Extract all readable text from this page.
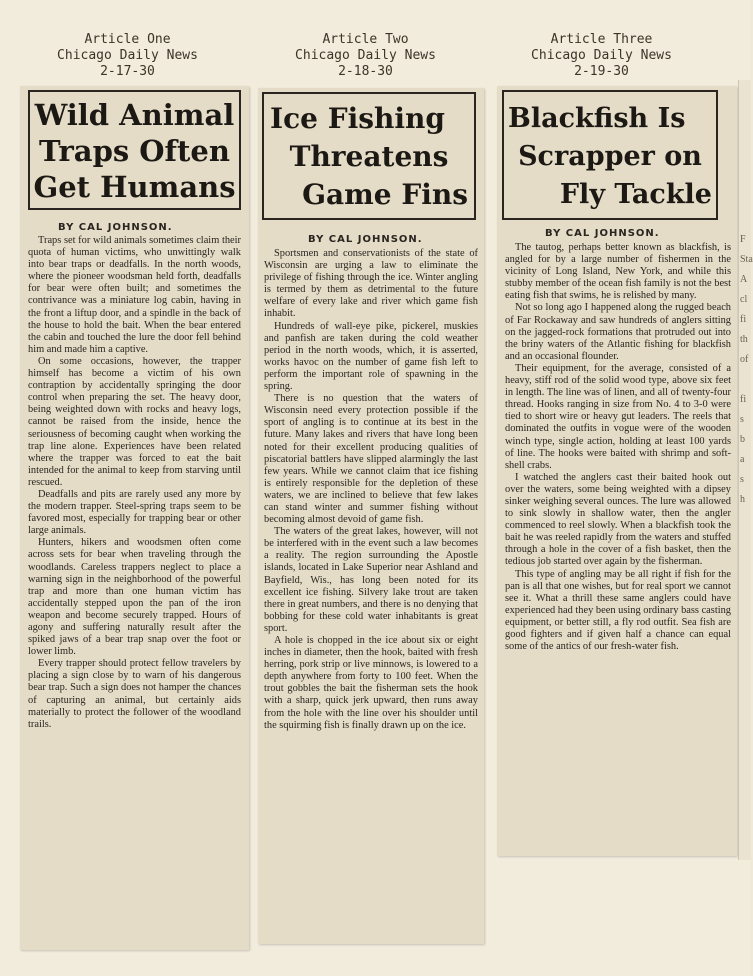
Article One
Chicago Daily News
2-17-30
Wild Animal
Traps Often
Get Humans
BY CAL JOHNSON.

Traps set for wild animals sometimes claim their quota of human victims, who unwittingly walk into bear traps or deadfalls. In the north woods, where the pioneer woodsman held forth, deadfalls for bear were often built; and sometimes the contrivance was a miniature log cabin, having in the front a liftup door, and a spindle in the back of the house to hold the bait. When the bear entered the cabin and touched the lure the door fell behind him and made him a captive.

On some occasions, however, the trapper himself has become a victim of his own contraption by accidentally springing the door control when preparing the set. The heavy door, being weighted down with rocks and heavy logs, cannot be raised from the inside, hence the seriousness of becoming caught when working the trap line alone. Experiences have been related where the trapper was forced to eat the bait intended for the animal to keep from starving until rescued.

Deadfalls and pits are rarely used any more by the modern trapper. Steel-spring traps seem to be favored most, especially for trapping bear or other large animals.

Hunters, hikers and woodsmen often come across sets for bear when traveling through the woodlands. Careless trappers neglect to place a warning sign in the neighborhood of the powerful trap and more than one human victim has accidentally stepped upon the pan of the iron weapon and become securely trapped. Hours of agony and suffering naturally result after the spiked jaws of a bear trap snap over the foot or lower limb.

Every trapper should protect fellow travelers by placing a sign close by to warn of his dangerous bear trap. Such a sign does not hamper the chances of capturing an animal, but certainly aids materially to protect the follower of the woodland trails.

Article Two
Chicago Daily News
2-18-30
Ice Fishing
Threatens
Game Fins
BY CAL JOHNSON.

Sportsmen and conservationists of the state of Wisconsin are urging a law to eliminate the privilege of fishing through the ice. Winter angling is termed by them as detrimental to the future welfare of every lake and river which game fish inhabit.

Hundreds of wall-eye pike, pickerel, muskies and panfish are taken during the cold weather period in the north woods, which, it is asserted, works havoc on the number of game fish left to perform the important role of spawning in the spring.

There is no question that the waters of Wisconsin need every protection possible if the sport of angling is to continue at its best in the future. Many lakes and rivers that have long been noted for their excellent producing qualities of piscatorial battlers have slipped alarmingly the last few years. While we cannot claim that ice fishing is entirely responsible for the depletion of these waters, we are inclined to believe that few lakes can stand winter and summer fishing without becoming almost devoid of game fish.

The waters of the great lakes, however, will not be interfered with in the event such a law becomes a reality. The region surrounding the Apostle islands, located in Lake Superior near Ashland and Bayfield, Wis., has long been noted for its excellent ice fishing. Silvery lake trout are taken there in great numbers, and there is no denying that bobbing for these cold water inhabitants is great sport.

A hole is chopped in the ice about six or eight inches in diameter, then the hook, baited with fresh herring, pork strip or live minnows, is lowered to a depth anywhere from forty to 100 feet. When the trout gobbles the bait the fisherman sets the hook with a sharp, quick jerk upward, then runs away from the hole with the line over his shoulder until the squirming fish is finally drawn up on the ice.

Article Three
Chicago Daily News
2-19-30
Blackfish Is
Scrapper on
Fly Tackle
BY CAL JOHNSON.

The tautog, perhaps better known as blackfish, is angled for by a large number of fishermen in the vicinity of Long Island, New York, and while this stubby member of the ocean fish family is not the best eating fish that swims, he is relished by many.

Not so long ago I happened along the rugged beach of Far Rockaway and saw hundreds of anglers sitting on the jagged-rock formations that protruded out into the briny waters of the Atlantic fishing for blackfish and an occasional flounder.

Their equipment, for the average, consisted of a heavy, stiff rod of the solid wood type, above six feet in length. The line was of linen, and all of twenty-four thread. Hooks ranging in size from No. 4 to 3-0 were tied to short wire or heavy gut leaders. The reels that dominated the outfits in vogue were of the wooden winch type, single action, holding at least 100 yards of line. The hooks were baited with shrimp and soft-shell crabs.

I watched the anglers cast their baited hook out over the waters, some being weighted with a dipsey sinker weighing several ounces. The lure was allowed to sink slowly in shallow water, then the angler commenced to reel slowly. When a blackfish took the bait he was reeled rapidly from the waters and stuffed through a hole in the cover of a fish basket, then the tedious job started over again by the fisherman.

This type of angling may be all right if fish for the pan is all that one wishes, but for real sport we cannot see it. What a thrill these same anglers could have experienced had they been using ordinary bass casting equipment, or better still, a fly rod outfit. Sea fish are good fighters and if given half a chance can equal some of the antics of our fresh-water fish.

F
Sta
A
cl
fi
th
of

fi
s
b
a
s
h
